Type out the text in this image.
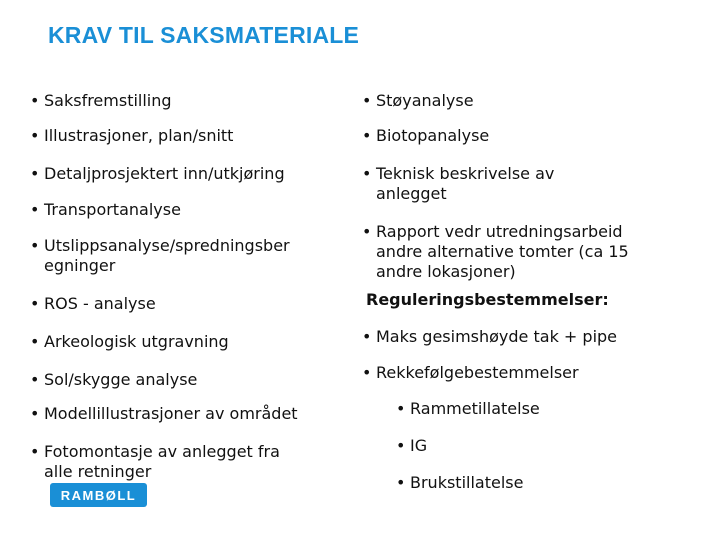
KRAV TIL SAKSMATERIALE
• Saksfremstilling
• Illustrasjoner, plan/snitt
• Detaljprosjektert inn/utkjøring
• Transportanalyse
• Utslippsanalyse/spredningsber
egninger
• ROS - analyse
• Arkeologisk utgravning
• Sol/skygge analyse
• Modellillustrasjoner av området
• Fotomontasje av anlegget fra
alle retninger
• Støyanalyse
• Biotopanalyse
• Teknisk beskrivelse av
anlegget
• Rapport vedr utredningsarbeid
andre alternative tomter (ca 15
andre lokasjoner)
Reguleringsbestemmelser:
• Maks gesimshøyde tak + pipe
• Rekkefølgebestemmelser
• Rammetillatelse
• IG
• Brukstillatelse
RAMBØLL
